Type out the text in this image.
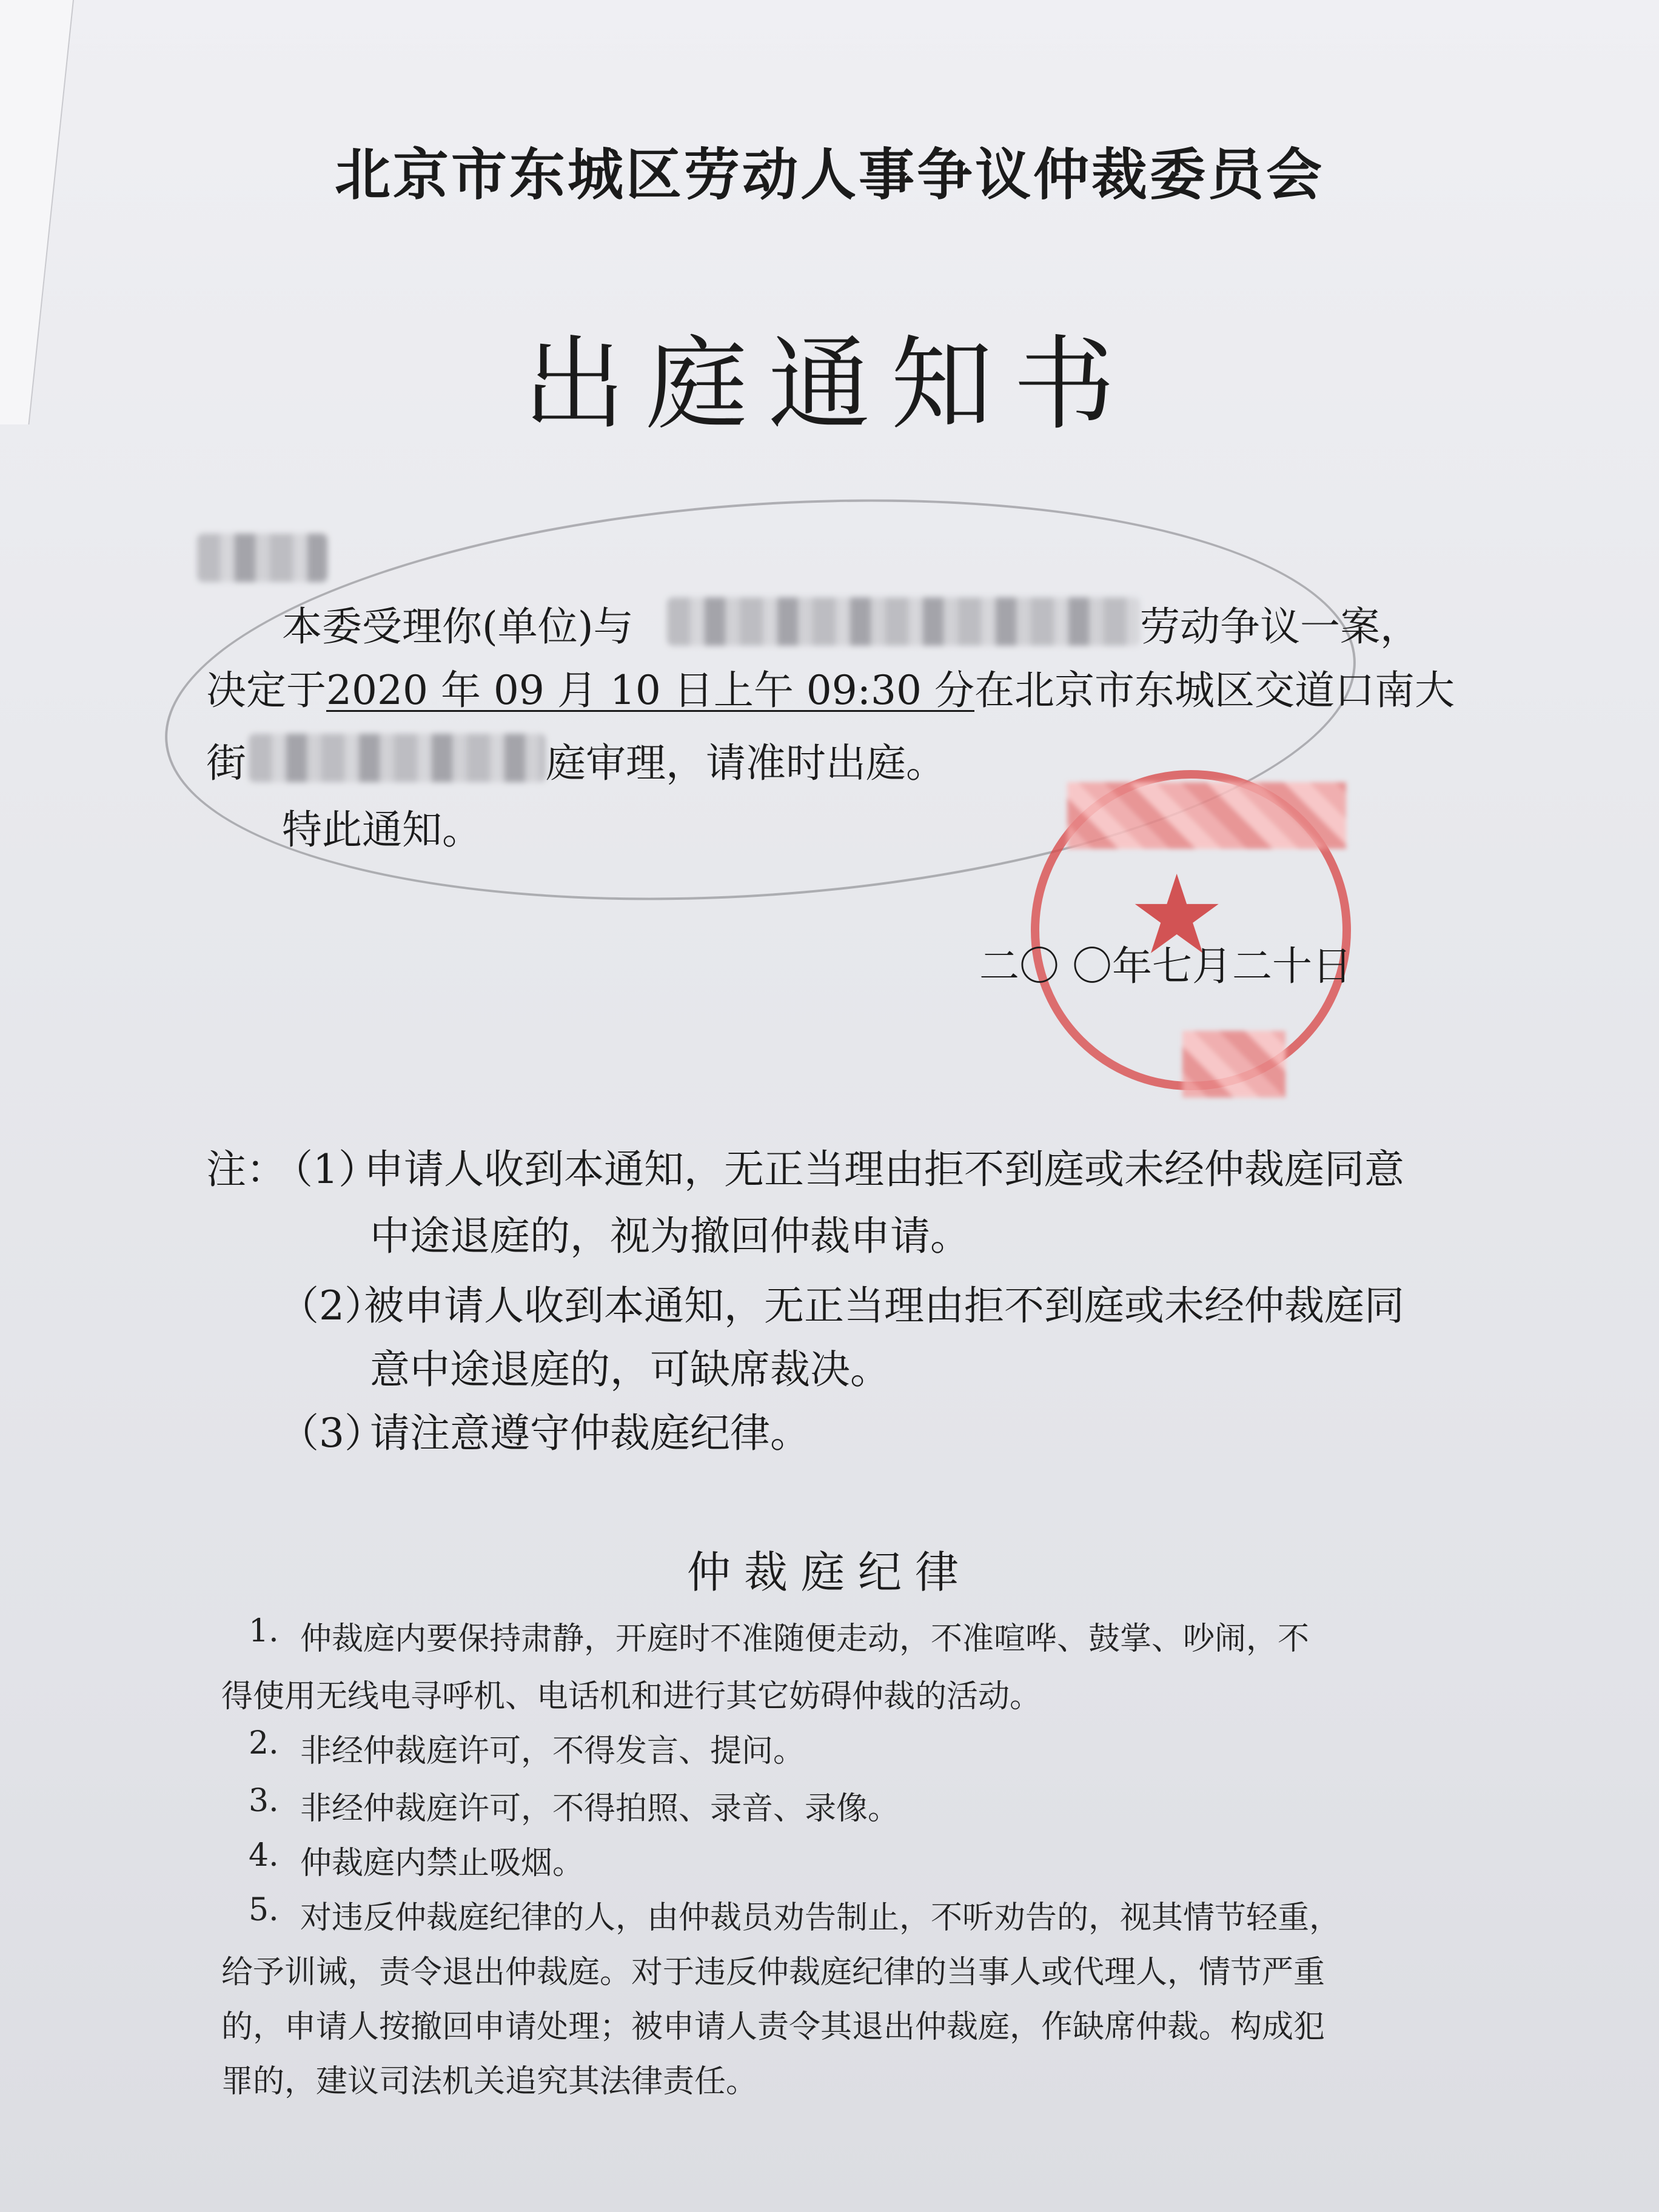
北京市东城区劳动人事争议仲裁委员会
出庭通知书
本委受理你(单位)与	劳动争议一案，
决定于2020 年 09 月 10 日上午 09:30 分在北京市东城区交道口南大
街	庭审理，请准时出庭。
特此通知。
★
二〇 〇年七月二十日
注：
（1）
申请人收到本通知，无正当理由拒不到庭或未经仲裁庭同意
中途退庭的，视为撤回仲裁申请。
（2）
被申请人收到本通知，无正当理由拒不到庭或未经仲裁庭同
意中途退庭的，可缺席裁决。
（3）
请注意遵守仲裁庭纪律。
仲裁庭纪律
1. 仲裁庭内要保持肃静，开庭时不准随便走动，不准喧哗、鼓掌、吵闹，不
得使用无线电寻呼机、电话机和进行其它妨碍仲裁的活动。
2. 非经仲裁庭许可，不得发言、提问。
3. 非经仲裁庭许可，不得拍照、录音、录像。
4. 仲裁庭内禁止吸烟。
5. 对违反仲裁庭纪律的人，由仲裁员劝告制止，不听劝告的，视其情节轻重，
给予训诫，责令退出仲裁庭。对于违反仲裁庭纪律的当事人或代理人，情节严重
的，申请人按撤回申请处理；被申请人责令其退出仲裁庭，作缺席仲裁。构成犯
罪的，建议司法机关追究其法律责任。
